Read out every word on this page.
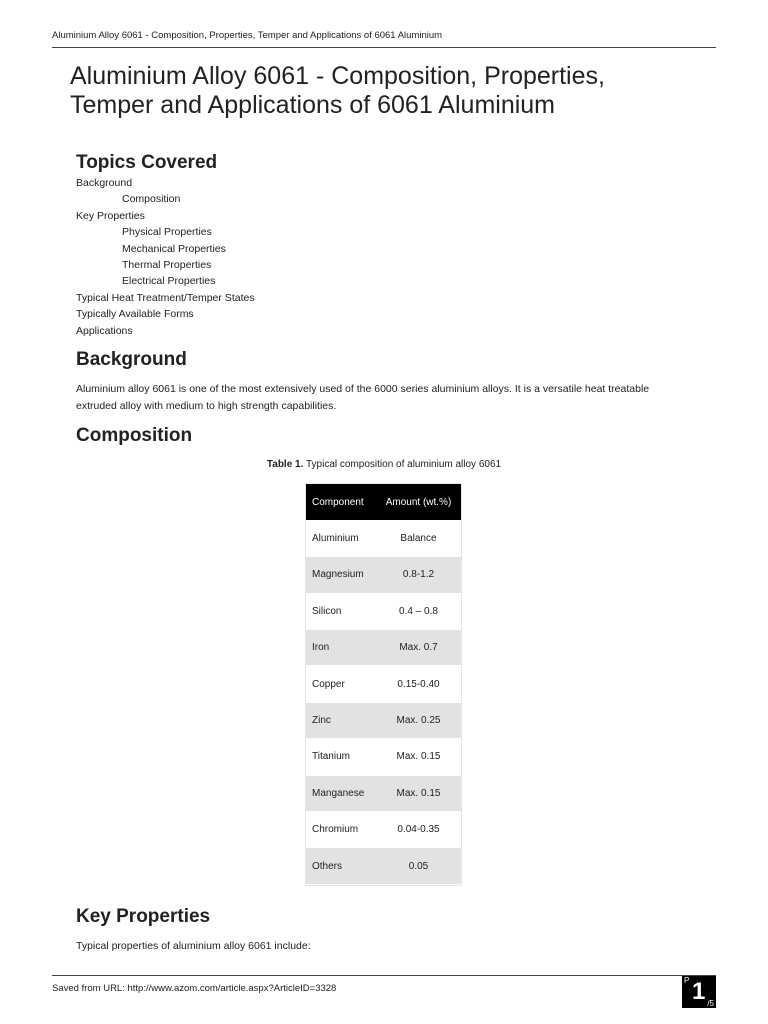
Aluminium Alloy 6061 - Composition, Properties, Temper and Applications of 6061 Aluminium
Aluminium Alloy 6061 - Composition, Properties, Temper and Applications of 6061 Aluminium
Topics Covered
Background
Composition
Key Properties
Physical Properties
Mechanical Properties
Thermal Properties
Electrical Properties
Typical Heat Treatment/Temper States
Typically Available Forms
Applications
Background

Aluminium alloy 6061 is one of the most extensively used of the 6000 series aluminium alloys. It is a versatile heat treatable extruded alloy with medium to high strength capabilities.

Composition
Table 1. Typical composition of aluminium alloy 6061
Component	Amount (wt.%)
Aluminium	Balance
Magnesium	0.8-1.2
Silicon	0.4 – 0.8
Iron	Max. 0.7
Copper	0.15-0.40
Zinc	Max. 0.25
Titanium	Max. 0.15
Manganese	Max. 0.15
Chromium	0.04-0.35
Others	0.05
Key Properties

Typical properties of aluminium alloy 6061 include:

Saved from URL: http://www.azom.com/article.aspx?ArticleID=3328
P 1 /5
